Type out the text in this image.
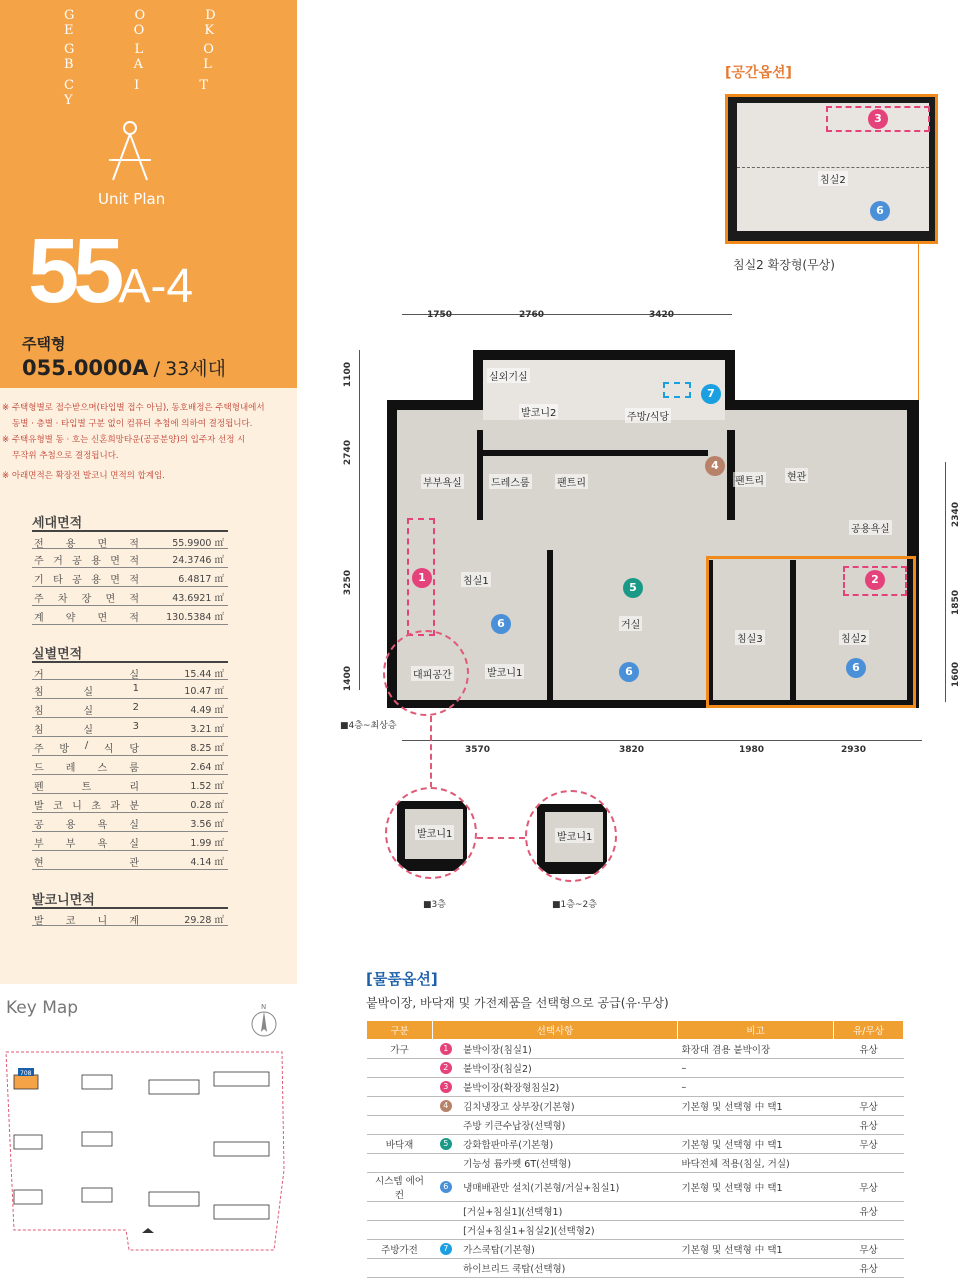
G O D E O K
G L O B A L
C I T Y
Unit Plan
55A-4
주택형
055.0000A / 33세대
※ 주택형별로 접수받으며(타입별 접수 아님), 동호배정은 주택형내에서
동별 · 층별 · 타입별 구분 없이 컴퓨터 추첨에 의하여 결정됩니다.
※ 주택유형별 동 · 호는 신혼희망타운(공공분양)의 입주자 선정 시
무작위 추첨으로 결정됩니다.
※ 아래면적은 확장전 발코니 면적의 합계임.
세대면적
전 용 면 적	55.9900 ㎡
주 거 공 용 면 적	24.3746 ㎡
기 타 공 용 면 적	6.4817 ㎡
주 차 장 면 적	43.6921 ㎡
계 약 면 적	130.5384 ㎡
실별면적
거	실	15.44 ㎡
침	실	1	10.47 ㎡
침	실	2	4.49 ㎡
침	실	3	3.21 ㎡
주 방 / 식 당	8.25 ㎡
드 레 스 룸	2.64 ㎡
펜	트	리	1.52 ㎡
발 코 니 초 과 분	0.28 ㎡
공 용 욕 실	3.56 ㎡
부 부 욕 실	1.99 ㎡
현	관	4.14 ㎡
발코니면적
발 코 니 계	29.28 ㎡
Key Map	N
708
[공간옵션]
3
침실2
6
침실2 확장형(무상)
1750	2760	3420
1100
2740
3250
1400
2340
1850
1600
실외기실
발코니2	주방/식당
부부욕실	드레스룸	팬트리	팬트리 현관
공용욕실
침실1
거실
침실3	침실2
대피공간	발코니1
1
6
5
6
4
7
2
6
■4층~최상층
3570	3820	1980	2930
발코니1	발코니1
■3층	■1층~2층
[물품옵션]
붙박이장, 바닥재 및 가전제품을 선택형으로 공급(유·무상)
구분	선택사항		비고	유/무상
가구	1	붙박이장(침실1)	화장대 겸용 붙박이장	유상
	2	붙박이장(침실2)	–	
	3	붙박이장(확장형침실2)	–	
	4	김치냉장고 상부장(기본형)	기본형 및 선택형 中 택1	무상
		주방 키큰수납장(선택형)		유상
바닥재	5	강화합판마루(기본형)	기본형 및 선택형 中 택1	무상
		기능성 륨카펫 6T(선택형)	바닥전체 적용(침실, 거실)	
시스템 에어컨	6	냉매배관만 설치(기본형/거실+침실1)	기본형 및 선택형 中 택1	무상
		[거실+침실1](선택형1)		유상
		[거실+침실1+침실2](선택형2)		
주방가전	7	가스쿡탑(기본형)	기본형 및 선택형 中 택1	무상
		하이브리드 쿡탑(선택형)		유상
